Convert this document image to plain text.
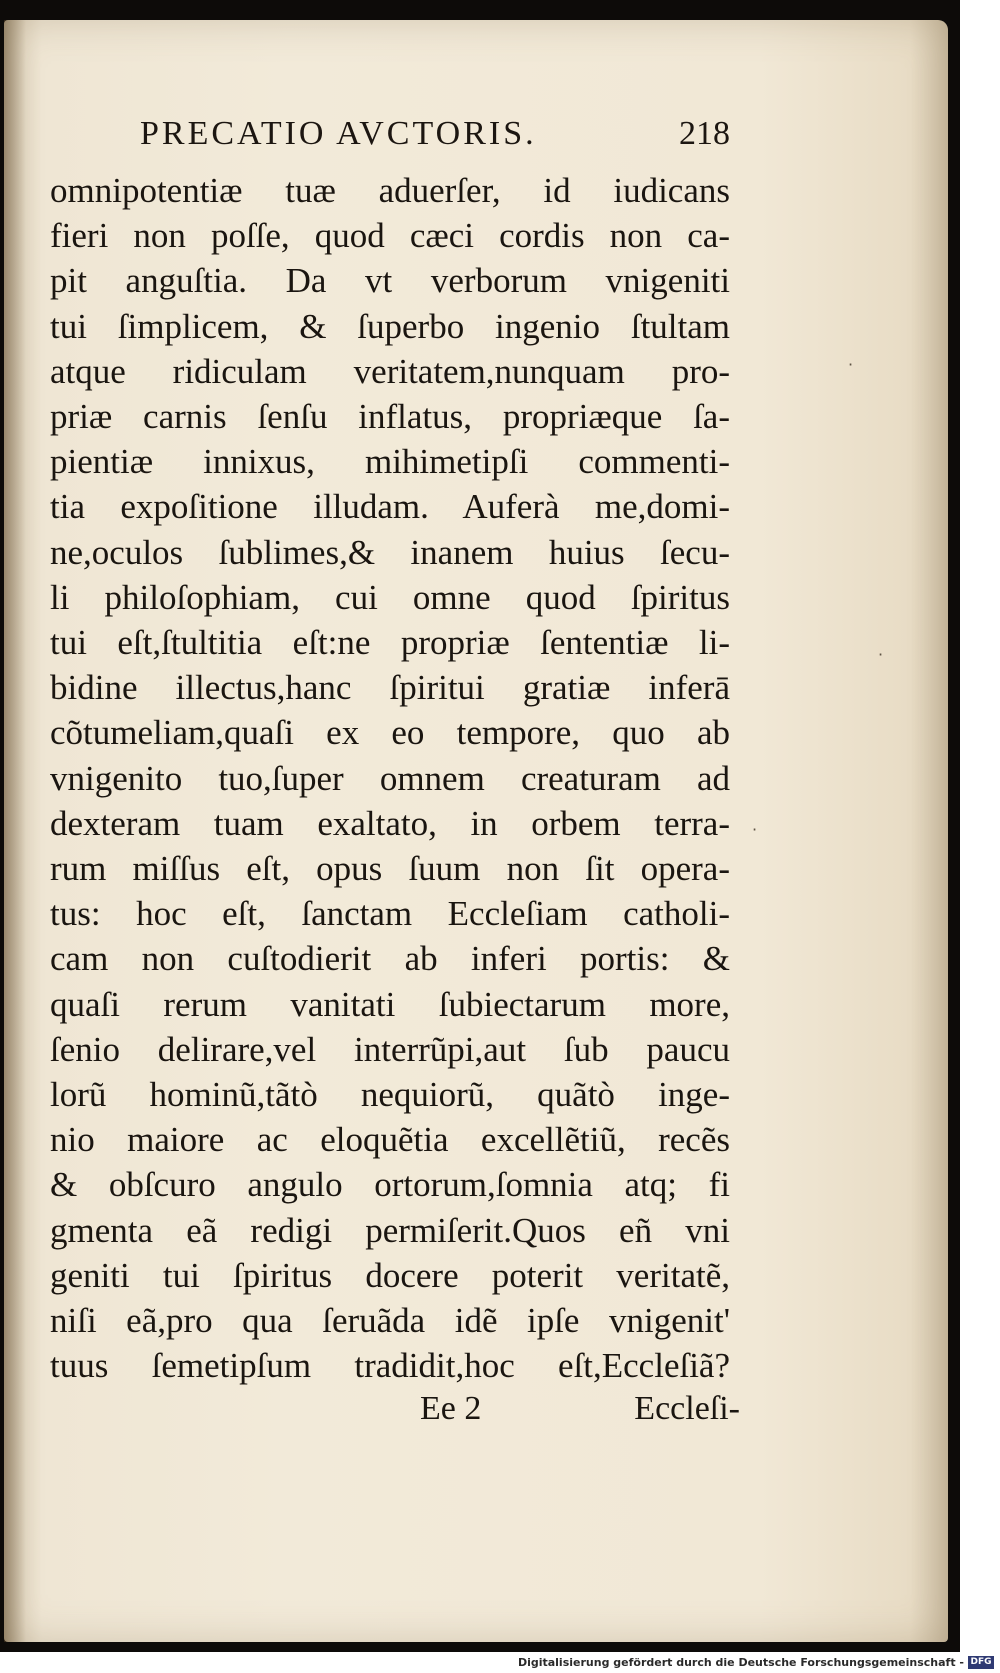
PRECATIO AVCTORIS.	218
omnipotentiæ tuæ aduerſer, id iudicans
fieri non poſſe, quod cæci cordis non ca-
pit anguſtia. Da vt verborum vnigeniti
tui ſimplicem, & ſuperbo ingenio ſtultam
atque ridiculam veritatem,nunquam pro-
priæ carnis ſenſu inflatus, propriæque ſa-
pientiæ innixus, mihimetipſi commenti-
tia expoſitione illudam. Auferà me,domi-
ne,oculos ſublimes,& inanem huius ſecu-
li philoſophiam, cui omne quod ſpiritus
tui eſt,ſtultitia eſt:ne propriæ ſententiæ li-
bidine illectus,hanc ſpiritui gratiæ inferā
cõtumeliam,quaſi ex eo tempore, quo ab
vnigenito tuo,ſuper omnem creaturam ad
dexteram tuam exaltato, in orbem terra-
rum miſſus eſt, opus ſuum non ſit opera-
tus: hoc eſt, ſanctam Eccleſiam catholi-
cam non cuſtodierit ab inferi portis: &
quaſi rerum vanitati ſubiectarum more,
ſenio delirare,vel interrũpi,aut ſub paucu
lorũ hominũ,tãtò nequiorũ, quãtò inge-
nio maiore ac eloquẽtia excellẽtiũ, recẽs
& obſcuro angulo ortorum,ſomnia atq; fi
gmenta eã redigi permiſerit.Quos eñ vni
geniti tui ſpiritus docere poterit veritatẽ,
niſi eã,pro qua ſeruãda idẽ ipſe vnigenit'
tuus ſemetipſum tradidit,hoc eſt,Eccleſiã?
Ee 2	Eccleſi-
·
·
·
Digitalisierung gefördert durch die Deutsche Forschungsgemeinschaft - DFG
